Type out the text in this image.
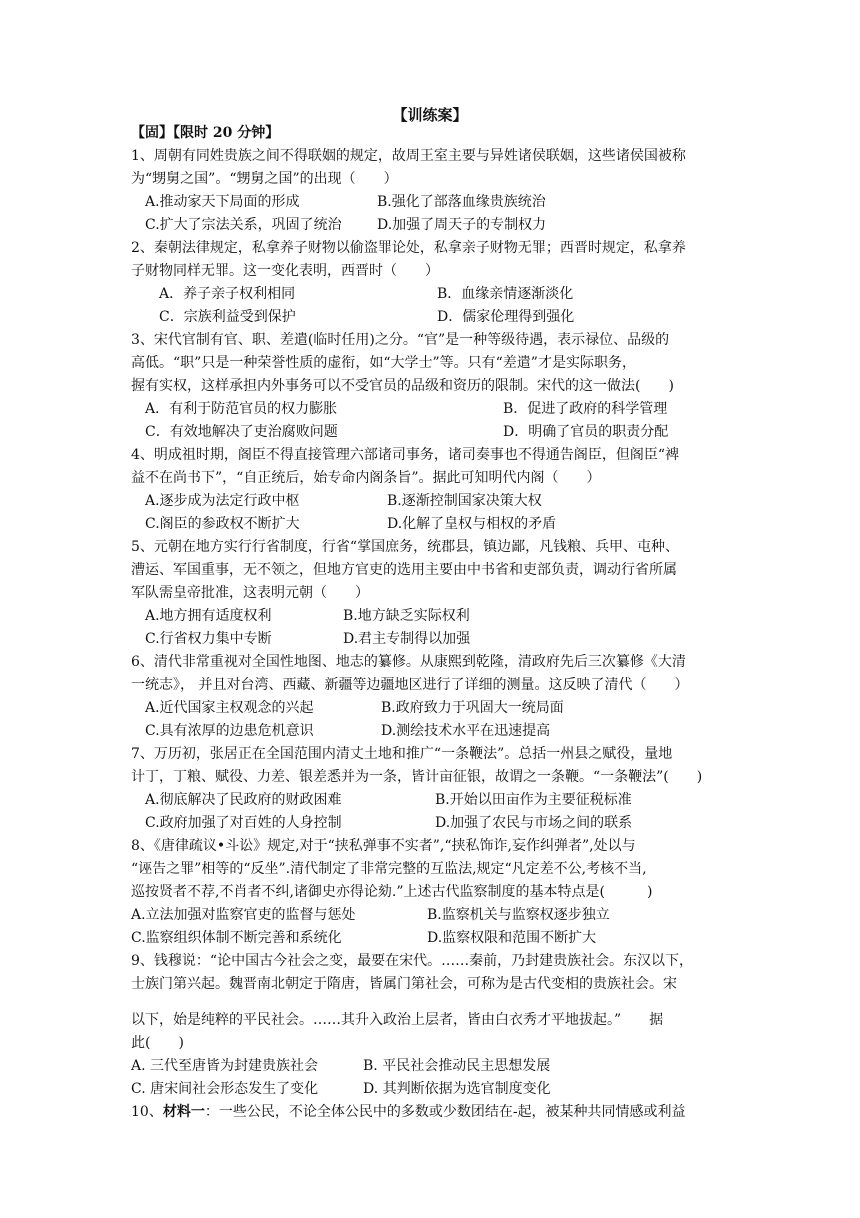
【训练案】
【固】【限时 20 分钟】
1、周朝有同姓贵族之间不得联姻的规定，故周王室主要与异姓诸侯联姻，这些诸侯国被称
为“甥舅之国”。“甥舅之国”的出现（　　）
A.推动家天下局面的形成	B.强化了部落血缘贵族统治
C.扩大了宗法关系，巩固了统治	D.加强了周天子的专制权力
2、秦朝法律规定，私拿养子财物以偷盗罪论处，私拿亲子财物无罪；西晋时规定，私拿养
子财物同样无罪。这一变化表明，西晋时（　　）
A．养子亲子权利相同	B．血缘亲情逐渐淡化
C．宗族利益受到保护	D．儒家伦理得到强化
3、宋代官制有官、职、差遣(临时任用)之分。“官”是一种等级待遇，表示禄位、品级的
高低。“职”只是一种荣誉性质的虚衔，如“大学士”等。只有“差遣”才是实际职务，
握有实权，这样承担内外事务可以不受官员的品级和资历的限制。宋代的这一做法(　　)
A．有利于防范官员的权力膨胀	B．促进了政府的科学管理
C．有效地解决了吏治腐败问题	D．明确了官员的职责分配
4、明成祖时期，阁臣不得直接管理六部诸司事务，诸司奏事也不得通告阁臣，但阁臣“裨
益不在尚书下”，“自正统后，始专命内阁条旨”。据此可知明代内阁（　　）
A.逐步成为法定行政中枢	B.逐渐控制国家决策大权
C.阁臣的参政权不断扩大	D.化解了皇权与相权的矛盾
5、元朝在地方实行行省制度，行省“掌国庶务，统郡县，镇边鄙，凡钱粮、兵甲、屯种、
漕运、军国重事，无不领之，但地方官吏的选用主要由中书省和吏部负责，调动行省所属
军队需皇帝批准，这表明元朝（　　）
A.地方拥有适度权利	B.地方缺乏实际权利
C.行省权力集中专断	D.君主专制得以加强
6、清代非常重视对全国性地图、地志的纂修。从康熙到乾隆，清政府先后三次纂修《大清
一统志》， 并且对台湾、西藏、新疆等边疆地区进行了详细的测量。这反映了清代（　　）
A.近代国家主权观念的兴起	B.政府致力于巩固大一统局面
C.具有浓厚的边患危机意识	D.测绘技术水平在迅速提高
7、万历初，张居正在全国范围内清丈土地和推广“一条鞭法”。总括一州县之赋役，量地
计丁，丁粮、赋役、力差、银差悉并为一条，皆计亩征银，故谓之一条鞭。“一条鞭法”(　　)
A.彻底解决了民政府的财政困难	B.开始以田亩作为主要征税标准
C.政府加强了对百姓的人身控制	D.加强了农民与市场之间的联系
8、《唐律疏议•斗讼》规定,对于“挟私弹事不实者”,“挟私饰诈,妄作纠弹者”,处以与
“诬告之罪”相等的“反坐”.清代制定了非常完整的互监法,规定“凡定差不公,考核不当,
巡按贤者不荐,不肖者不纠,诸御史亦得论劾.”上述古代监察制度的基本特点是(　　　)
A.立法加强对监察官吏的监督与惩处	B.监察机关与监察权逐步独立
C.监察组织体制不断完善和系统化	D.监察权限和范围不断扩大
9、钱穆说：“论中国古今社会之变，最要在宋代。……秦前，乃封建贵族社会。东汉以下，
士族门第兴起。魏晋南北朝定于隋唐，皆属门第社会，可称为是古代变相的贵族社会。宋
以下，始是纯粹的平民社会。……其升入政治上层者，皆由白衣秀才平地拔起。”　　据
此(　　)
A. 三代至唐皆为封建贵族社会	B. 平民社会推动民主思想发展
C. 唐宋间社会形态发生了变化	D. 其判断依据为选官制度变化
10、材料一：一些公民，不论全体公民中的多数或少数团结在-起，被某种共同情感或利益
